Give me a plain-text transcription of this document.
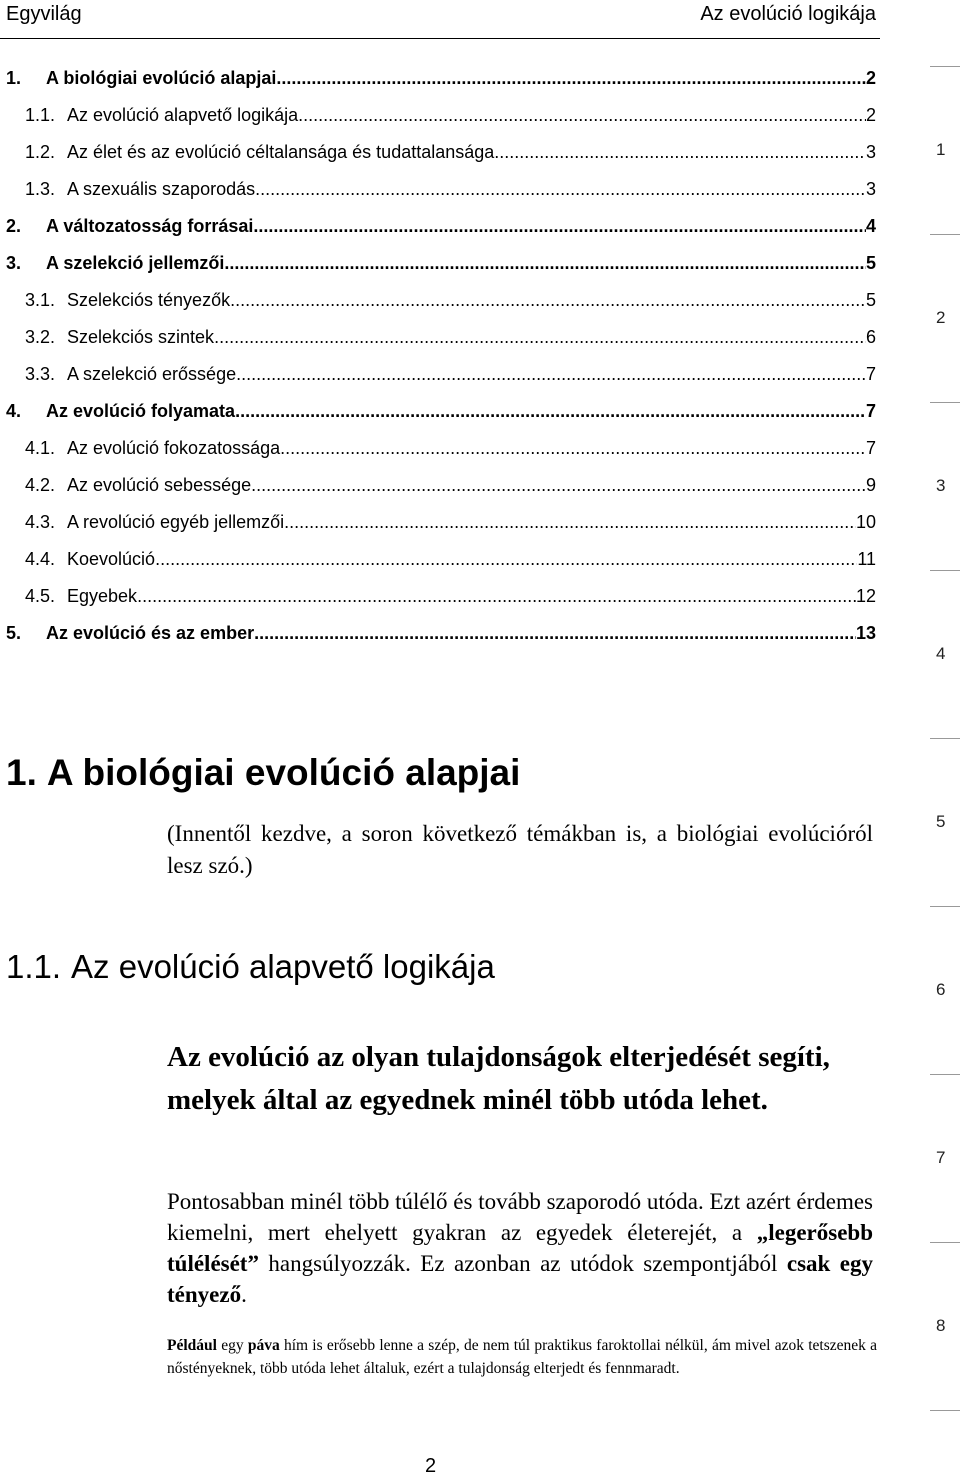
Egyvilág	Az evolúció logikája
1.	A biológiai evolúció alapjai .....	2
1.1. Az evolúció alapvető logikája .....	2
1.2. Az élet és az evolúció céltalansága és tudattalansága .....	3
1.3. A szexuális szaporodás .....	3
2.	A változatosság forrásai .....	4
3.	A szelekció jellemzői .....	5
3.1. Szelekciós tényezők .....	5
3.2. Szelekciós szintek .....	6
3.3. A szelekció erőssége .....	7
4.	Az evolúció folyamata .....	7
4.1. Az evolúció fokozatossága .....	7
4.2. Az evolúció sebessége .....	9
4.3. A revolúció egyéb jellemzői .....	10
4.4. Koevolúció .....	11
4.5. Egyebek .....	12
5.	Az evolúció és az ember .....	13
1. A biológiai evolúció alapjai
(Innentől kezdve, a soron következő témákban is, a biológiai evolúcióról lesz szó.)
1.1. Az evolúció alapvető logikája
Az evolúció az olyan tulajdonságok elterjedését segíti, melyek által az egyednek minél több utóda lehet.
Pontosabban minél több túlélő és tovább szaporodó utóda. Ezt azért érdemes kiemelni, mert ehelyett gyakran az egyedek életerejét, a „legerősebb túlélését” hangsúlyozzák. Ez azonban az utódok szempontjából csak egy tényező.
Például egy páva hím is erősebb lenne a szép, de nem túl praktikus faroktollai nélkül, ám mivel azok tetszenek a nőstényeknek, több utóda lehet általuk, ezért a tulajdonság elterjedt és fennmaradt.
2
1
2
3
4
5
6
7
8
